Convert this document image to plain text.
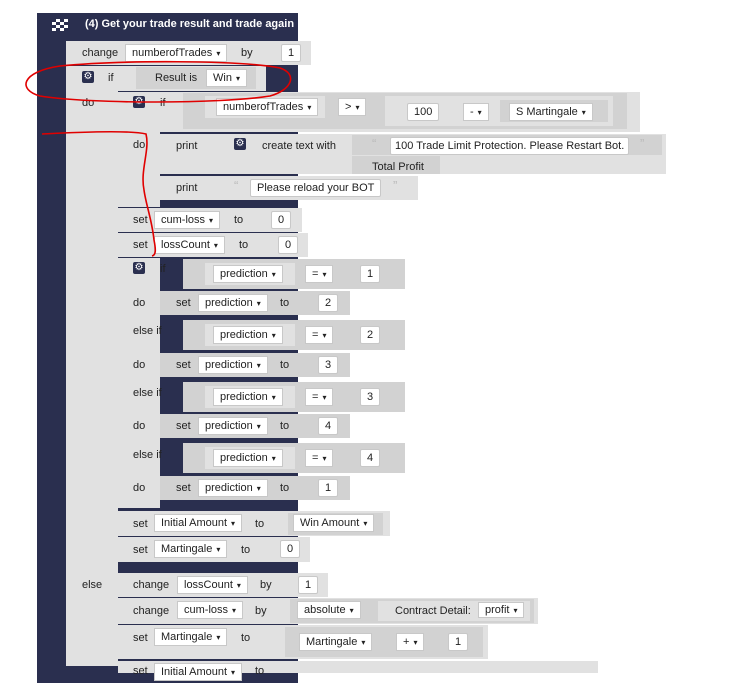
(4) Get your trade result and trade again
change	numberofTrades ▾	by	1
⚙ if	Result is	Win ▾
do
else
⚙ if	numberofTrades ▾	> ▾	100	- ▾	S Martingale ▾
do	print	⚙ create text with	“	100 Trade Limit Protection. Please Restart Bot.	”
Total Profit
print	“	Please reload your BOT	”
set	cum-loss ▾	to	0
set	lossCount ▾	to	0
⚙ if
do
else if
do
else if
do
else if
do
prediction ▾	= ▾	1
set	prediction ▾	to	2
prediction ▾	= ▾	2
set	prediction ▾	to	3
prediction ▾	= ▾	3
set	prediction ▾	to	4
prediction ▾	= ▾	4
set	prediction ▾	to	1
set	Initial Amount ▾	to	Win Amount ▾
set	Martingale ▾	to	0
change	lossCount ▾	by	1
change	cum-loss ▾	by	absolute ▾	Contract Detail:	profit ▾
set	Martingale ▾	to	Martingale ▾	+ ▾	1
set	Initial Amount ▾	to
